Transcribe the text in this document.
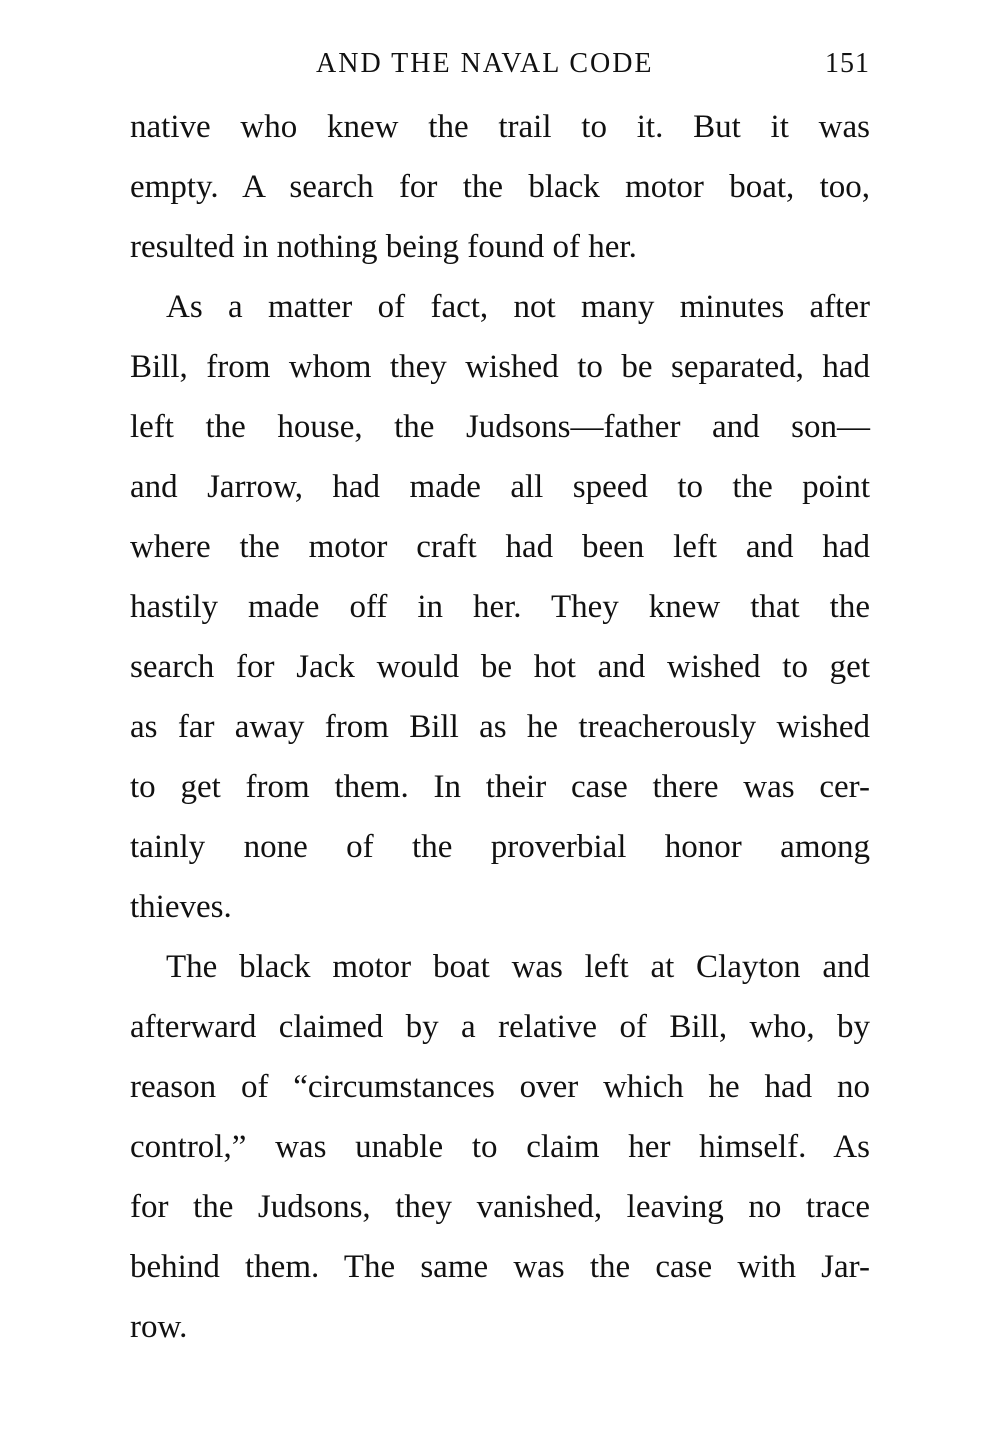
AND THE NAVAL CODE	151

native who knew the trail to it. But it was
empty. A search for the black motor boat, too,
resulted in nothing being found of her.

As a matter of fact, not many minutes after
Bill, from whom they wished to be separated, had
left the house, the Judsons—father and son—
and Jarrow, had made all speed to the point
where the motor craft had been left and had
hastily made off in her. They knew that the
search for Jack would be hot and wished to get
as far away from Bill as he treacherously wished
to get from them. In their case there was cer-
tainly none of the proverbial honor among
thieves.

The black motor boat was left at Clayton and
afterward claimed by a relative of Bill, who, by
reason of “circumstances over which he had no
control,” was unable to claim her himself. As
for the Judsons, they vanished, leaving no trace
behind them. The same was the case with Jar-
row.
